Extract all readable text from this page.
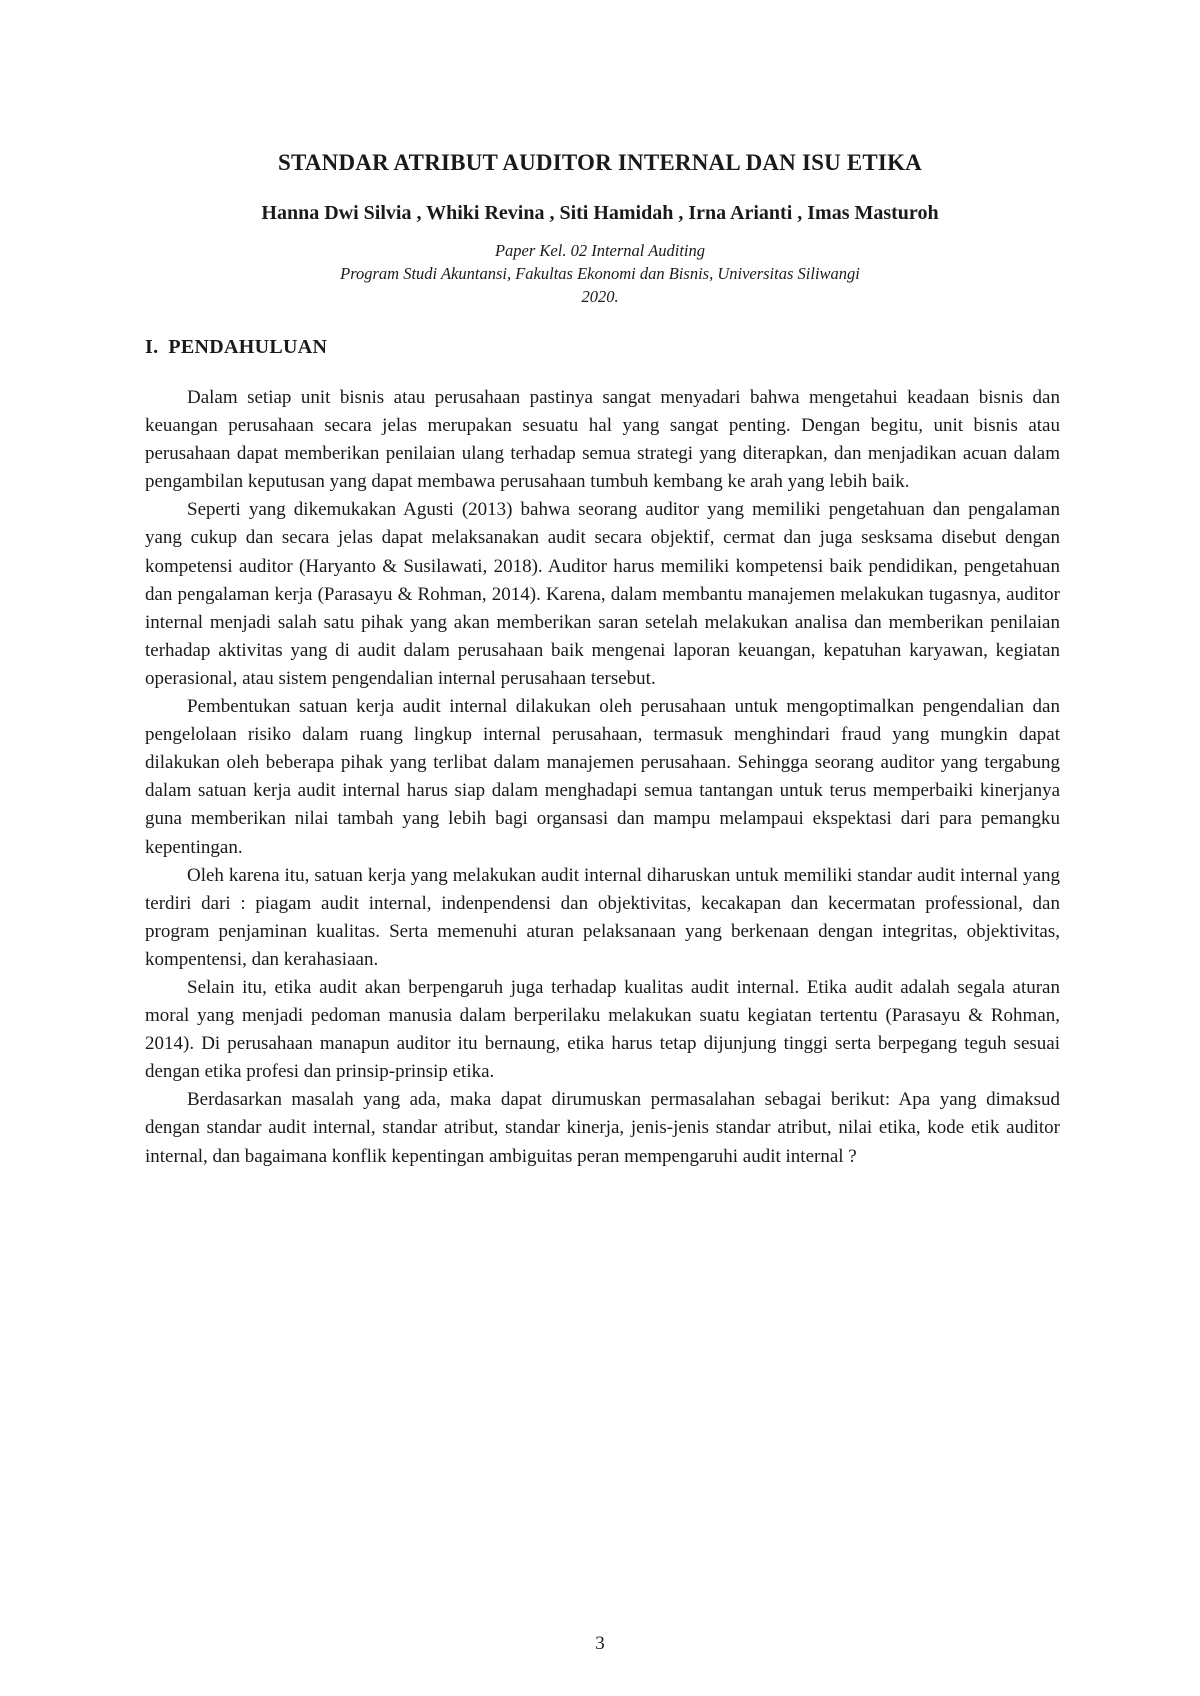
STANDAR ATRIBUT AUDITOR INTERNAL DAN ISU ETIKA
Hanna Dwi Silvia , Whiki Revina , Siti Hamidah , Irna Arianti , Imas Masturoh
Paper Kel. 02 Internal Auditing
Program Studi Akuntansi, Fakultas Ekonomi dan Bisnis, Universitas Siliwangi
2020.
I. PENDAHULUAN

Dalam setiap unit bisnis atau perusahaan pastinya sangat menyadari bahwa mengetahui keadaan bisnis dan keuangan perusahaan secara jelas merupakan sesuatu hal yang sangat penting. Dengan begitu, unit bisnis atau perusahaan dapat memberikan penilaian ulang terhadap semua strategi yang diterapkan, dan menjadikan acuan dalam pengambilan keputusan yang dapat membawa perusahaan tumbuh kembang ke arah yang lebih baik.

Seperti yang dikemukakan Agusti (2013) bahwa seorang auditor yang memiliki pengetahuan dan pengalaman yang cukup dan secara jelas dapat melaksanakan audit secara objektif, cermat dan juga sesksama disebut dengan kompetensi auditor (Haryanto & Susilawati, 2018). Auditor harus memiliki kompetensi baik pendidikan, pengetahuan dan pengalaman kerja (Parasayu & Rohman, 2014). Karena, dalam membantu manajemen melakukan tugasnya, auditor internal menjadi salah satu pihak yang akan memberikan saran setelah melakukan analisa dan memberikan penilaian terhadap aktivitas yang di audit dalam perusahaan baik mengenai laporan keuangan, kepatuhan karyawan, kegiatan operasional, atau sistem pengendalian internal perusahaan tersebut.

Pembentukan satuan kerja audit internal dilakukan oleh perusahaan untuk mengoptimalkan pengendalian dan pengelolaan risiko dalam ruang lingkup internal perusahaan, termasuk menghindari fraud yang mungkin dapat dilakukan oleh beberapa pihak yang terlibat dalam manajemen perusahaan. Sehingga seorang auditor yang tergabung dalam satuan kerja audit internal harus siap dalam menghadapi semua tantangan untuk terus memperbaiki kinerjanya guna memberikan nilai tambah yang lebih bagi organsasi dan mampu melampaui ekspektasi dari para pemangku kepentingan.

Oleh karena itu, satuan kerja yang melakukan audit internal diharuskan untuk memiliki standar audit internal yang terdiri dari : piagam audit internal, indenpendensi dan objektivitas, kecakapan dan kecermatan professional, dan program penjaminan kualitas. Serta memenuhi aturan pelaksanaan yang berkenaan dengan integritas, objektivitas, kompentensi, dan kerahasiaan.

Selain itu, etika audit akan berpengaruh juga terhadap kualitas audit internal. Etika audit adalah segala aturan moral yang menjadi pedoman manusia dalam berperilaku melakukan suatu kegiatan tertentu (Parasayu & Rohman, 2014). Di perusahaan manapun auditor itu bernaung, etika harus tetap dijunjung tinggi serta berpegang teguh sesuai dengan etika profesi dan prinsip-prinsip etika.

Berdasarkan masalah yang ada, maka dapat dirumuskan permasalahan sebagai berikut: Apa yang dimaksud dengan standar audit internal, standar atribut, standar kinerja, jenis-jenis standar atribut, nilai etika, kode etik auditor internal, dan bagaimana konflik kepentingan ambiguitas peran mempengaruhi audit internal ?

3
